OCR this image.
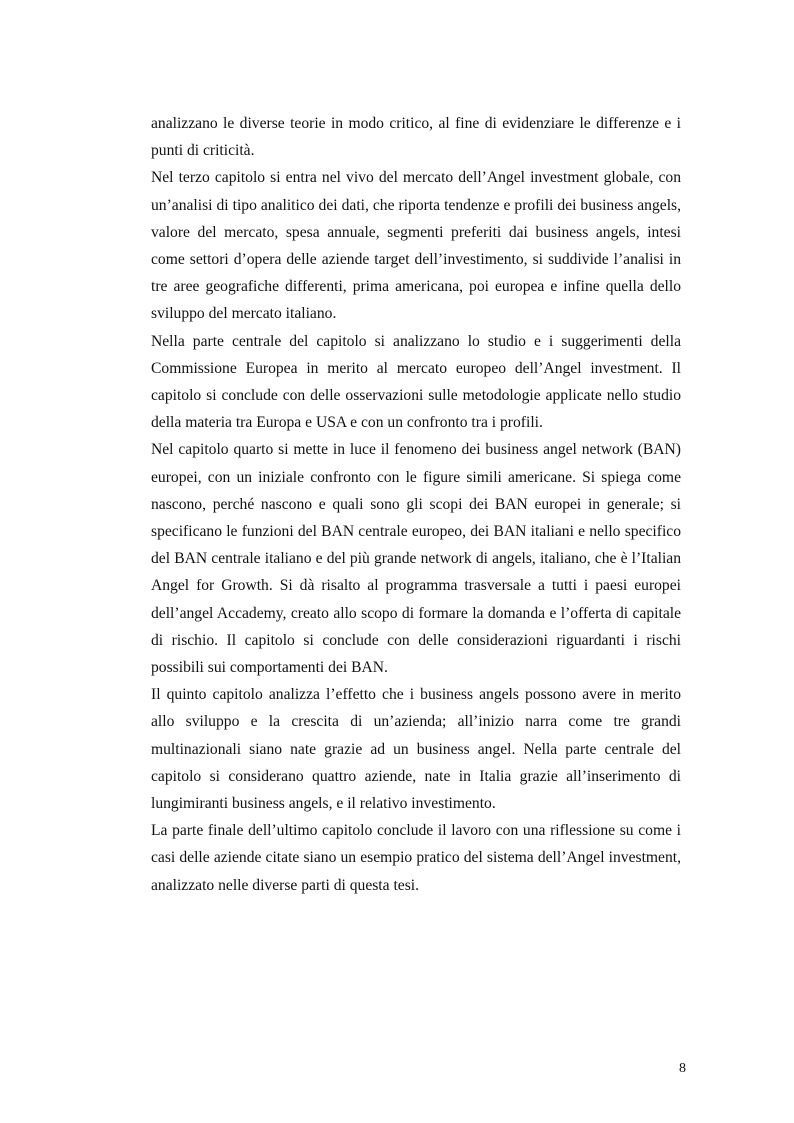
analizzano le diverse teorie in modo critico, al fine di evidenziare le differenze e i punti di criticità.

Nel terzo capitolo si entra nel vivo del mercato dell’Angel investment globale, con un’analisi di tipo analitico dei dati, che riporta tendenze e profili dei business angels, valore del mercato, spesa annuale, segmenti preferiti dai business angels, intesi come settori d’opera delle aziende target dell’investimento, si suddivide l’analisi in tre aree geografiche differenti, prima americana, poi europea e infine quella dello sviluppo del mercato italiano.

Nella parte centrale del capitolo si analizzano lo studio e i suggerimenti della Commissione Europea in merito al mercato europeo dell’Angel investment. Il capitolo si conclude con delle osservazioni sulle metodologie applicate nello studio della materia tra Europa e USA e con un confronto tra i profili.

Nel capitolo quarto si mette in luce il fenomeno dei business angel network (BAN) europei, con un iniziale confronto con le figure simili americane. Si spiega come nascono, perché nascono e quali sono gli scopi dei BAN europei in generale; si specificano le funzioni del BAN centrale europeo, dei BAN italiani e nello specifico del BAN centrale italiano e del più grande network di angels, italiano, che è l’Italian Angel for Growth. Si dà risalto al programma trasversale a tutti i paesi europei dell’angel Accademy, creato allo scopo di formare la domanda e l’offerta di capitale di rischio. Il capitolo si conclude con delle considerazioni riguardanti i rischi possibili sui comportamenti dei BAN.

Il quinto capitolo analizza l’effetto che i business angels possono avere in merito allo sviluppo e la crescita di un’azienda; all’inizio narra come tre grandi multinazionali siano nate grazie ad un business angel. Nella parte centrale del capitolo si considerano quattro aziende, nate in Italia grazie all’inserimento di lungimiranti business angels, e il relativo investimento.

La parte finale dell’ultimo capitolo conclude il lavoro con una riflessione su come i casi delle aziende citate siano un esempio pratico del sistema dell’Angel investment, analizzato nelle diverse parti di questa tesi.

8
